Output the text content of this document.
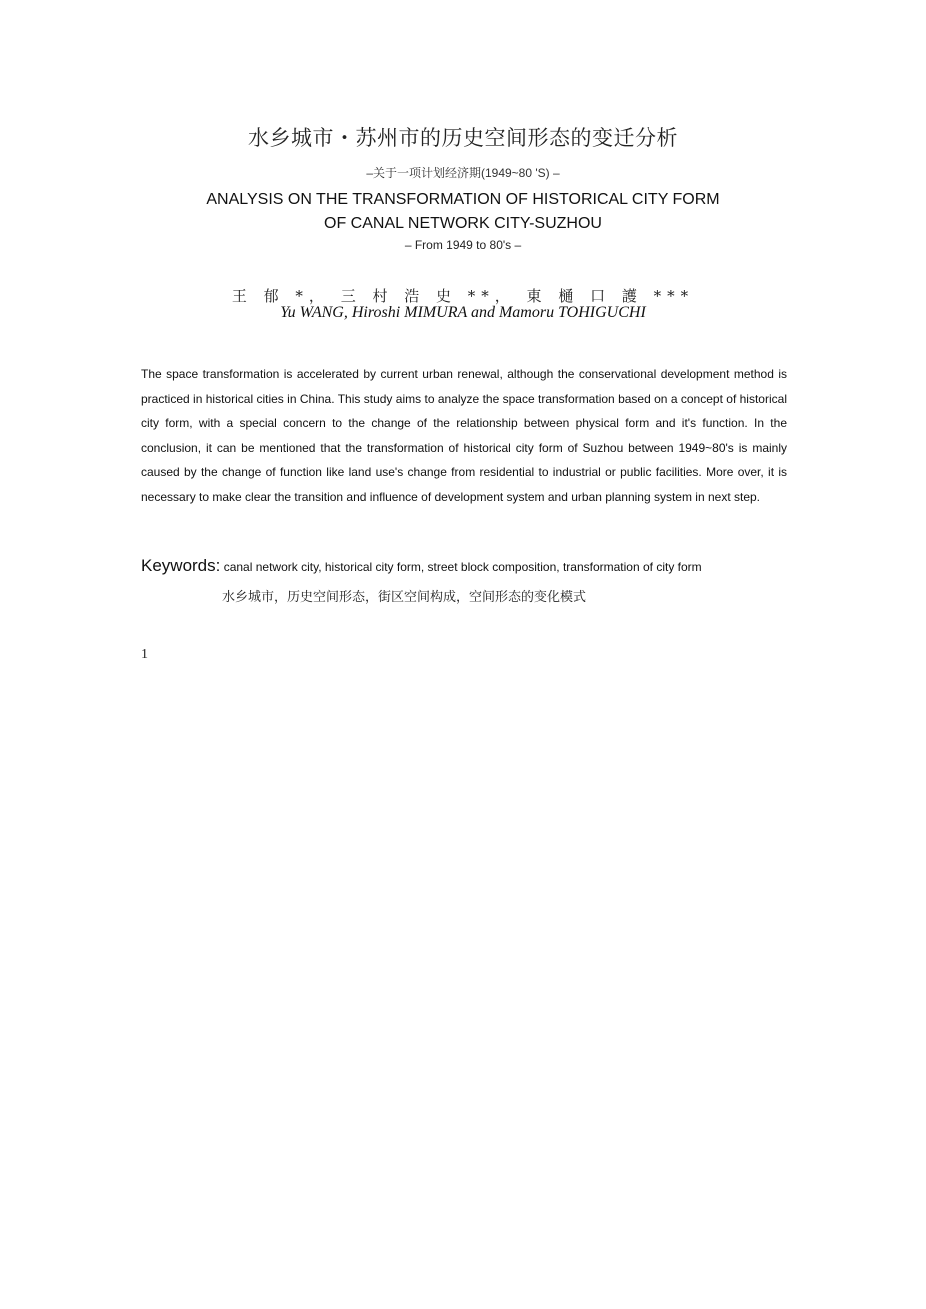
水乡城市・苏州市的历史空间形态的变迁分析
–关于一项计划经济期(1949~80 'S) –
ANALYSIS ON THE TRANSFORMATION OF HISTORICAL CITY FORM
OF CANAL NETWORK CITY-SUZHOU
– From 1949 to 80's –
王 郁 *， 三 村 浩 史 **， 東 樋 口 護 ***
Yu WANG, Hiroshi MIMURA and Mamoru TOHIGUCHI

The space transformation is accelerated by current urban renewal, although the conservational development method is practiced in historical cities in China. This study aims to analyze the space transformation based on a concept of historical city form, with a special concern to the change of the relationship between physical form and it's function. In the conclusion, it can be mentioned that the transformation of historical city form of Suzhou between 1949~80's is mainly caused by the change of function like land use's change from residential to industrial or public facilities. More over, it is necessary to make clear the transition and influence of development system and urban planning system in next step.

Keywords: canal network city, historical city form, street block composition, transformation of city form
水乡城市，历史空间形态，街区空间构成，空间形态的变化模式
1
